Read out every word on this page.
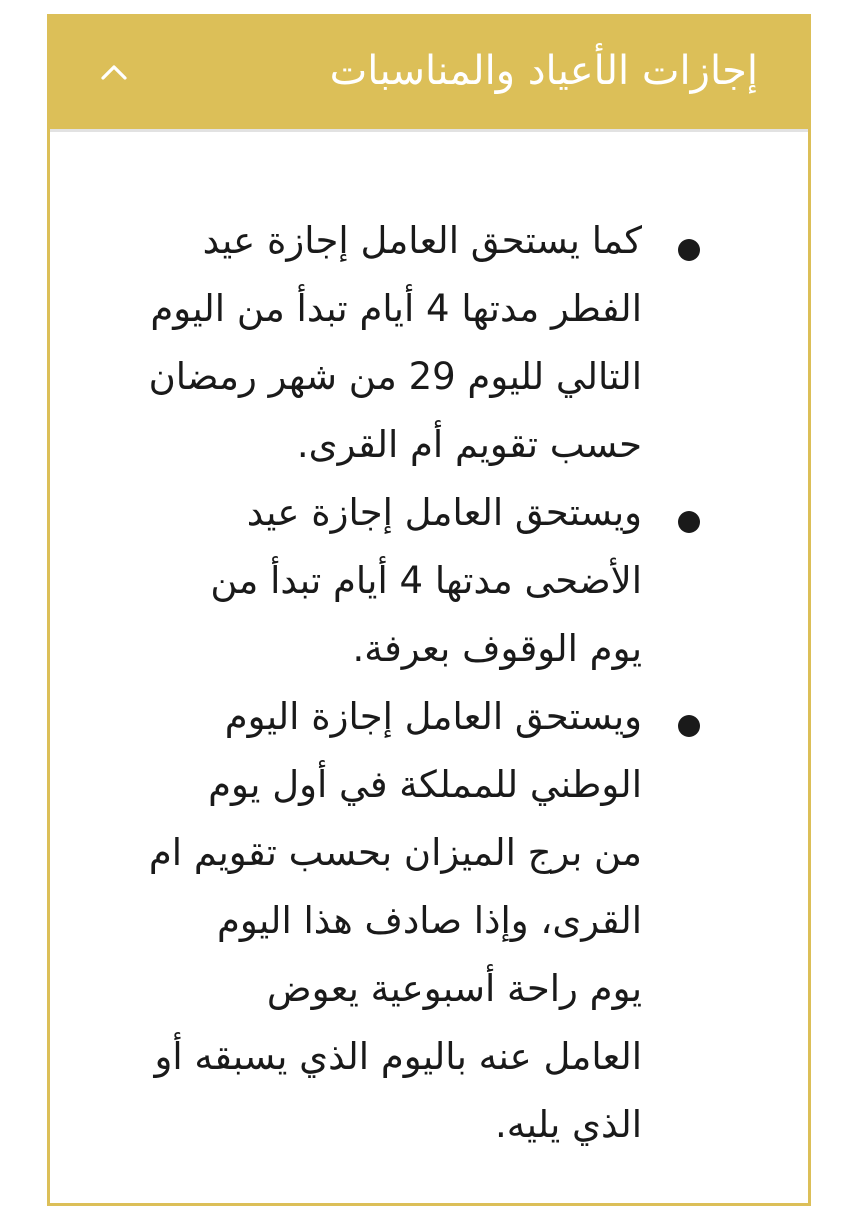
إجازات الأعياد والمناسبات
كما يستحق العامل إجازة عيد
الفطر مدتها 4 أيام تبدأ من اليوم
التالي لليوم 29 من شهر رمضان
حسب تقويم أم القرى.
ويستحق العامل إجازة عيد
الأضحى مدتها 4 أيام تبدأ من
يوم الوقوف بعرفة.
ويستحق العامل إجازة اليوم
الوطني للمملكة في أول يوم
من برج الميزان بحسب تقويم ام
القرى، وإذا صادف هذا اليوم
يوم راحة أسبوعية يعوض
العامل عنه باليوم الذي يسبقه أو
الذي يليه.
